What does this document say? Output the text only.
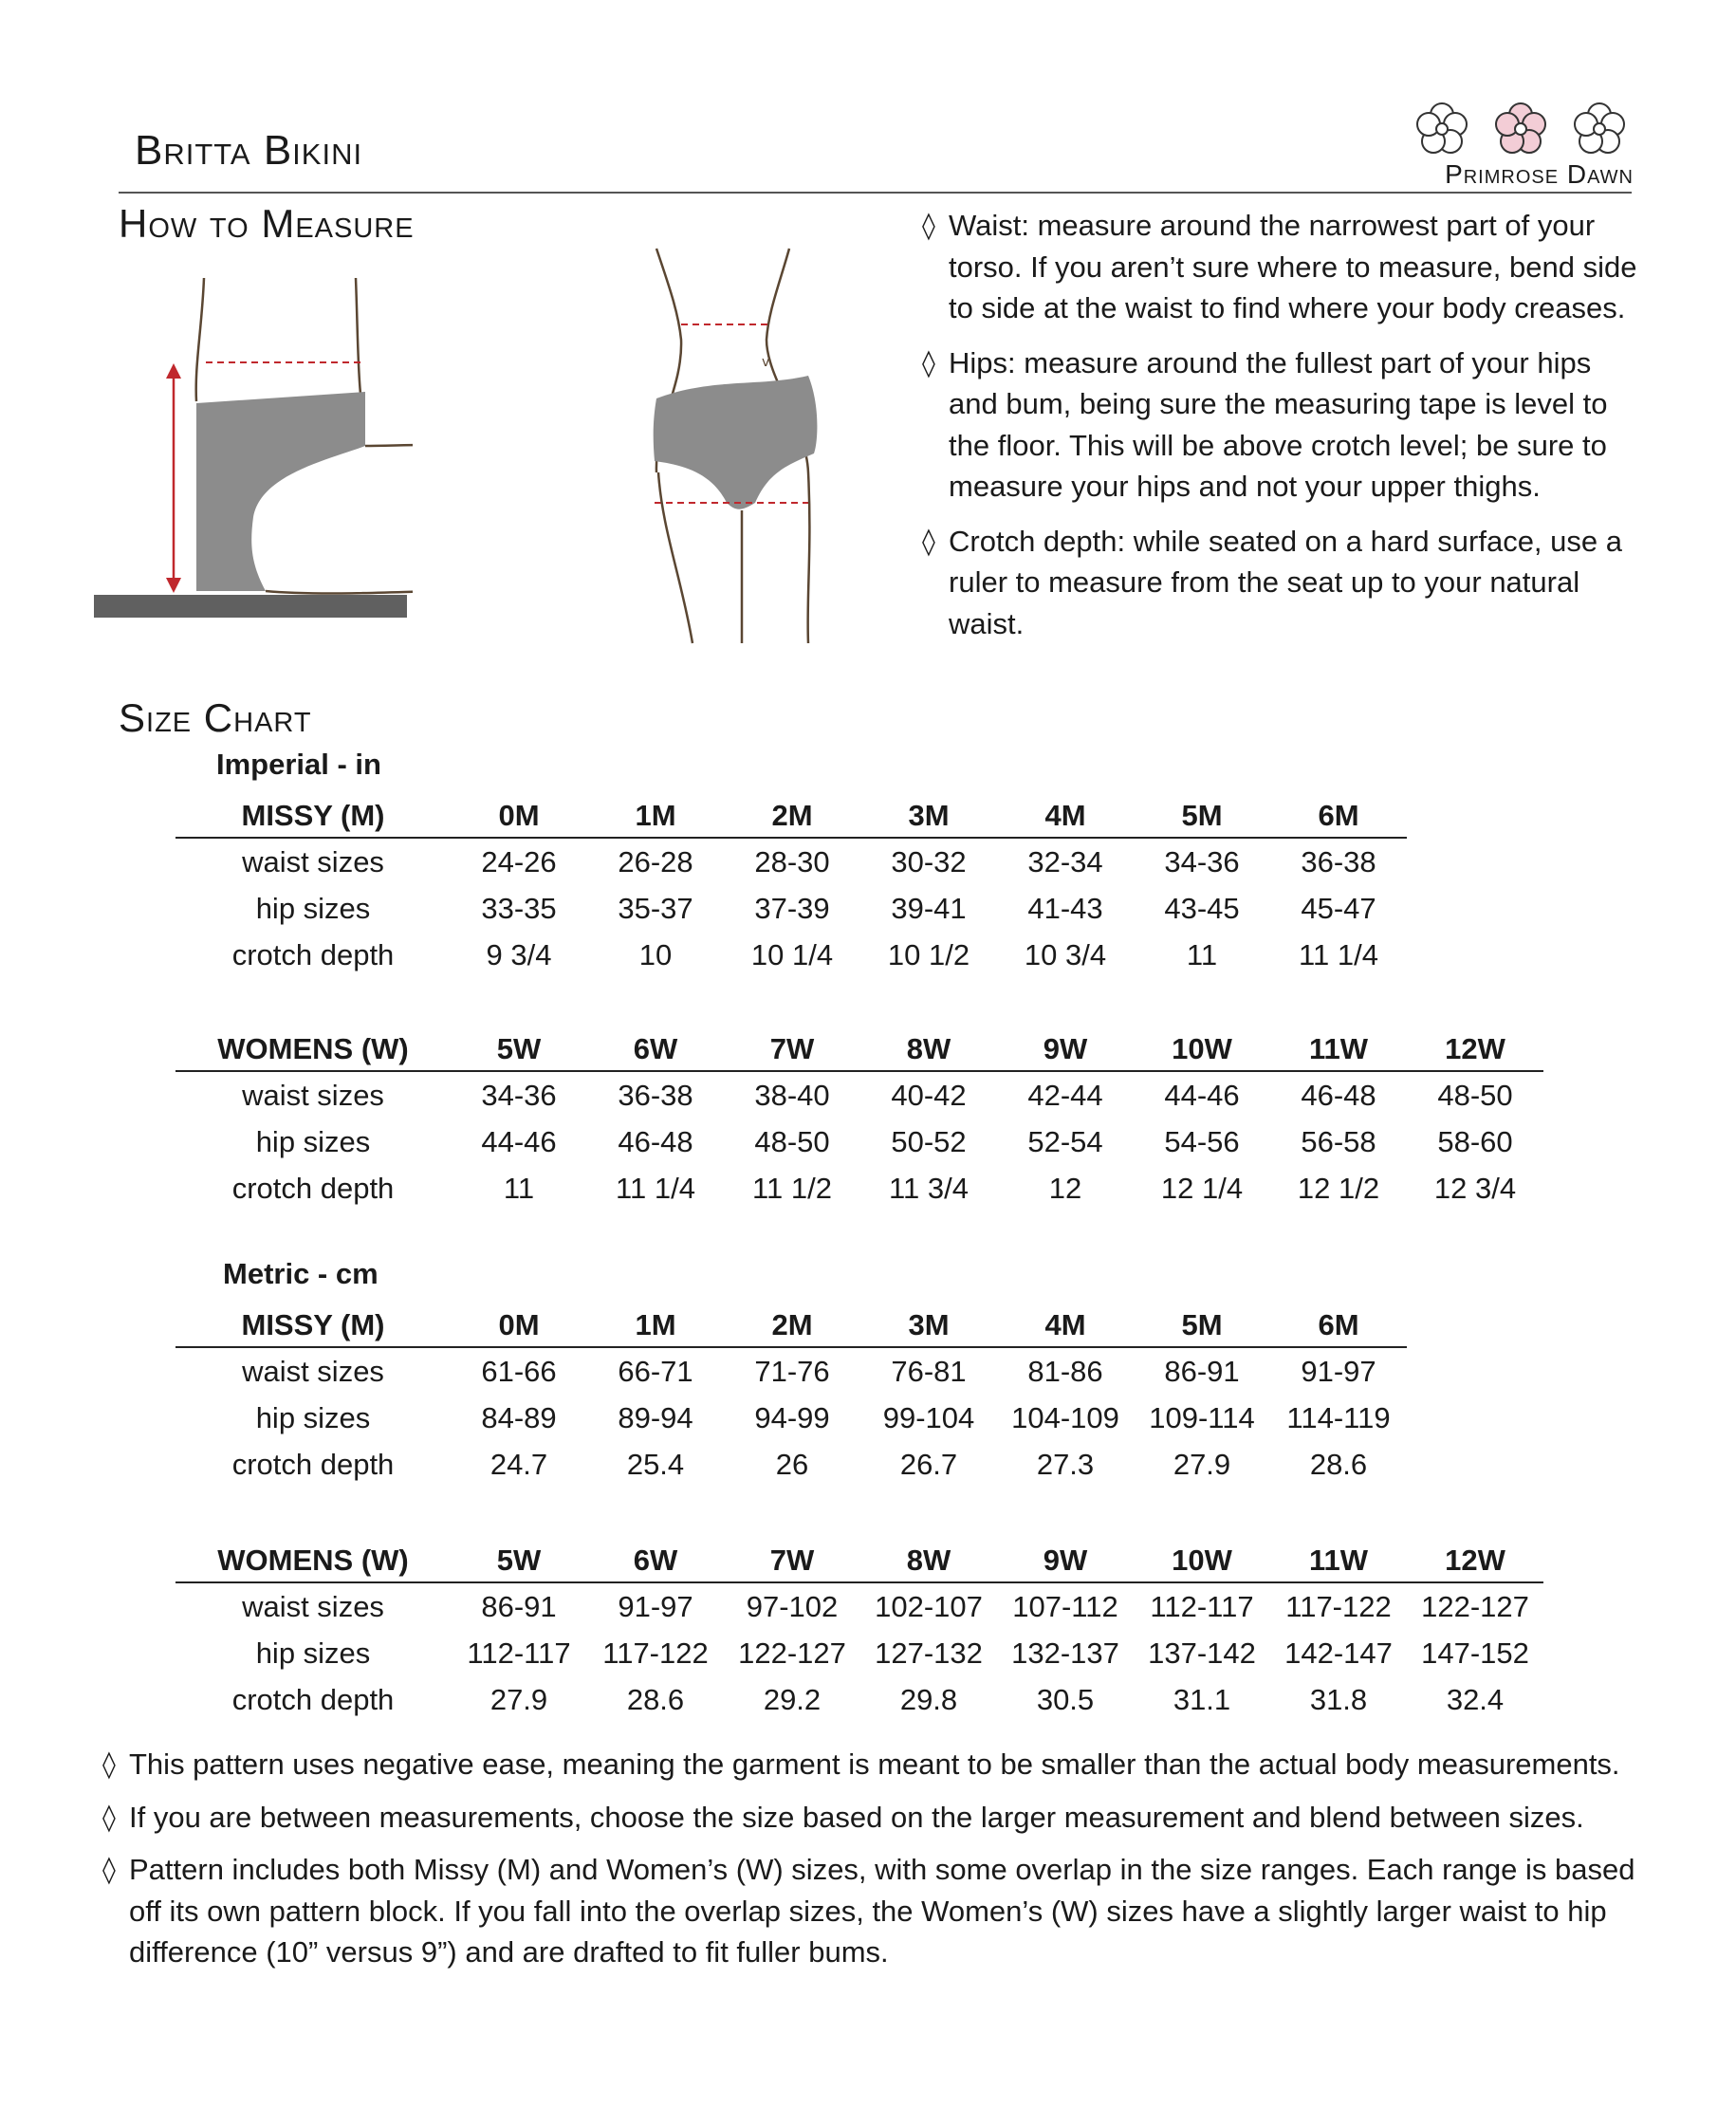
Britta Bikini
Primrose Dawn
How to Measure
v
◊ Waist: measure around the narrowest part of your torso. If you aren’t sure where to measure, bend side to side at the waist to find where your body creases.
◊ Hips: measure around the fullest part of your hips and bum, being sure the measuring tape is level to the floor. This will be above crotch level; be sure to measure your hips and not your upper thighs.
◊ Crotch depth: while seated on a hard surface, use a ruler to measure from the seat up to your natural waist.
Size Chart
Imperial - in
MISSY (M)	0M	1M	2M	3M	4M	5M	6M
waist sizes	24-26	26-28	28-30	30-32	32-34	34-36	36-38
hip sizes	33-35	35-37	37-39	39-41	41-43	43-45	45-47
crotch depth	9 3/4	10	10 1/4	10 1/2	10 3/4	11	11 1/4
WOMENS (W)	5W	6W	7W	8W	9W	10W	11W	12W
waist sizes	34-36	36-38	38-40	40-42	42-44	44-46	46-48	48-50
hip sizes	44-46	46-48	48-50	50-52	52-54	54-56	56-58	58-60
crotch depth	11	11 1/4	11 1/2	11 3/4	12	12 1/4	12 1/2	12 3/4
Metric - cm
MISSY (M)	0M	1M	2M	3M	4M	5M	6M
waist sizes	61-66	66-71	71-76	76-81	81-86	86-91	91-97
hip sizes	84-89	89-94	94-99	99-104	104-109	109-114	114-119
crotch depth	24.7	25.4	26	26.7	27.3	27.9	28.6
WOMENS (W)	5W	6W	7W	8W	9W	10W	11W	12W
waist sizes	86-91	91-97	97-102	102-107	107-112	112-117	117-122	122-127
hip sizes	112-117	117-122	122-127	127-132	132-137	137-142	142-147	147-152
crotch depth	27.9	28.6	29.2	29.8	30.5	31.1	31.8	32.4
◊ This pattern uses negative ease, meaning the garment is meant to be smaller than the actual body measurements.
◊ If you are between measurements, choose the size based on the larger measurement and blend between sizes.
◊ Pattern includes both Missy (M) and Women’s (W) sizes, with some overlap in the size ranges. Each range is based off its own pattern block. If you fall into the overlap sizes, the Women’s (W) sizes have a slightly larger waist to hip difference (10” versus 9”) and are drafted to fit fuller bums.
